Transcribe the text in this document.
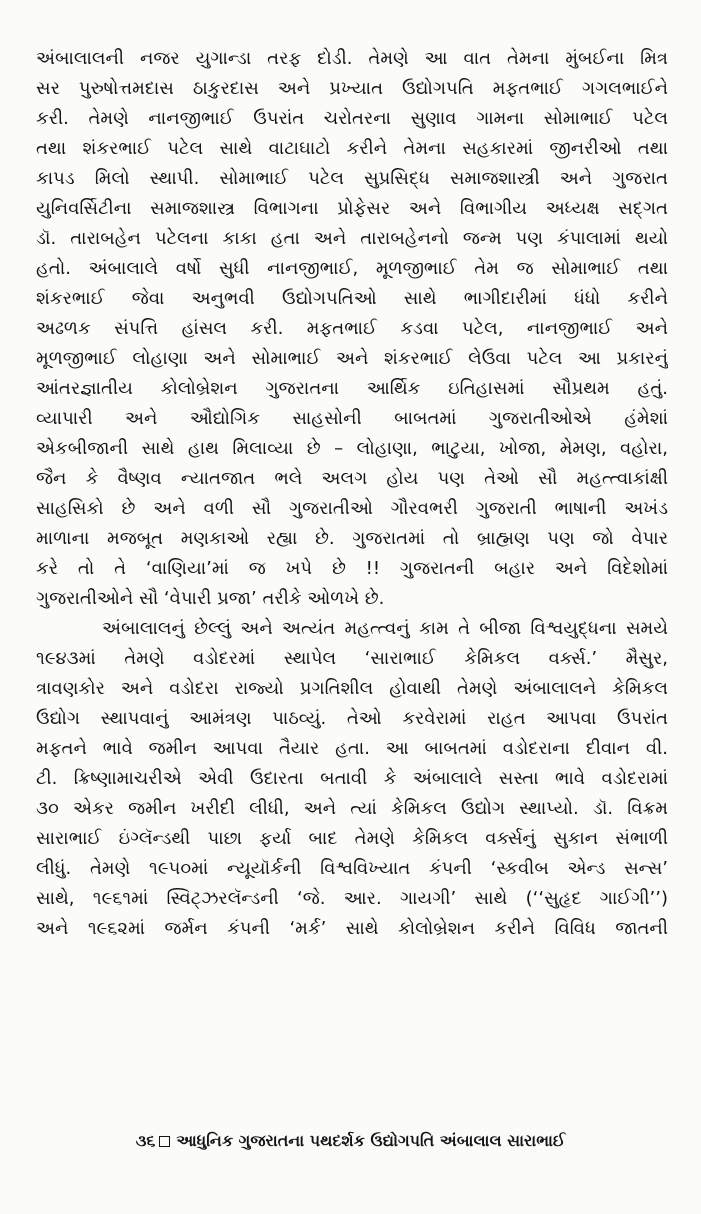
અંબાલાલની નજર યુગાન્ડા તરફ દોડી. તેમણે આ વાત તેમના મુંબઈના મિત્ર
સર પુરુષોત્તમદાસ ઠાકુરદાસ અને પ્રખ્યાત ઉદ્યોગપતિ મફતભાઈ ગગલભાઈને
કરી. તેમણે નાનજીભાઈ ઉપરાંત ચરોતરના સુણાવ ગામના સોમાભાઈ પટેલ
તથા શંકરભાઈ પટેલ સાથે વાટાઘાટો કરીને તેમના સહકારમાં જીનરીઓ તથા
કાપડ મિલો સ્થાપી. સોમાભાઈ પટેલ સુપ્રસિદ્ધ સમાજશાસ્ત્રી અને ગુજરાત
યુનિવર્સિટીના સમાજશાસ્ત્ર વિભાગના પ્રોફેસર અને વિભાગીય અધ્યક્ષ સદ્‌ગત
ડૉ. તારાબહેન પટેલના કાકા હતા અને તારાબહેનનો જન્મ પણ કંપાલામાં થયો
હતો. અંબાલાલે વર્ષો સુધી નાનજીભાઈ, મૂળજીભાઈ તેમ જ સોમાભાઈ તથા
શંકરભાઈ જેવા અનુભવી ઉદ્યોગપતિઓ સાથે ભાગીદારીમાં ધંધો કરીને
અઢળક સંપત્તિ હાંસલ કરી. મફતભાઈ કડવા પટેલ, નાનજીભાઈ અને
મૂળજીભાઈ લોહાણા અને સોમાભાઈ અને શંકરભાઈ લેઉવા પટેલ આ પ્રકારનું
આંતરજ્ઞાતીય કોલોબ્રેશન ગુજરાતના આર્થિક ઇતિહાસમાં સૌપ્રથમ હતું.
વ્યાપારી અને ઔદ્યોગિક સાહસોની બાબતમાં ગુજરાતીઓએ હંમેશાં
એકબીજાની સાથે હાથ મિલાવ્યા છે – લોહાણા, ભાટુયા, ખોજા, મેમણ, વહોરા,
જૈન કે વૈષ્ણવ ન્યાતજાત ભલે અલગ હોય પણ તેઓ સૌ મહત્ત્વાકાંક્ષી
સાહસિકો છે અને વળી સૌ ગુજરાતીઓ ગૌરવભરી ગુજરાતી ભાષાની અખંડ
માળાના મજબૂત મણકાઓ રહ્યા છે. ગુજરાતમાં તો બ્રાહ્મણ પણ જો વેપાર
કરે તો તે ‘વાણિયા’માં જ ખપે છે !! ગુજરાતની બહાર અને વિદેશોમાં
ગુજરાતીઓને સૌ ‘વેપારી પ્રજા’ તરીકે ઓળખે છે.
અંબાલાલનું છેલ્લું અને અત્યંત મહત્ત્વનું કામ તે બીજા વિશ્વયુદ્ધના સમયે
૧૯૪૩માં તેમણે વડોદરમાં સ્થાપેલ ‘સારાભાઈ કેમિકલ વર્ક્સ.’ મૈસુર,
ત્રાવણકોર અને વડોદરા રાજ્યો પ્રગતિશીલ હોવાથી તેમણે અંબાલાલને કેમિકલ
ઉદ્યોગ સ્થાપવાનું આમંત્રણ પાઠવ્યું. તેઓ કરવેરામાં રાહત આપવા ઉપરાંત
મફતને ભાવે જમીન આપવા તૈયાર હતા. આ બાબતમાં વડોદરાના દીવાન વી.
ટી. ક્રિષ્ણામાચરીએ એવી ઉદારતા બતાવી કે અંબાલાલે સસ્તા ભાવે વડોદરામાં
૩૦ એકર જમીન ખરીદી લીધી, અને ત્યાં કેમિકલ ઉદ્યોગ સ્થાપ્યો. ડૉ. વિક્રમ
સારાભાઈ ઇંગ્લૅન્ડથી પાછા ફર્યા બાદ તેમણે કેમિકલ વર્ક્સનું સુકાન સંભાળી
લીધું. તેમણે ૧૯૫૦માં ન્યૂયૉર્કની વિશ્વવિખ્યાત કંપની ‘સ્કવીબ એન્ડ સન્સ’
સાથે, ૧૯૬૧માં સ્વિટ્ઝરલૅન્ડની ‘જે. આર. ગાયગી’ સાથે (‘‘સુહૃદ ગાઈગી’’)
અને ૧૯૬૨માં જર્મન કંપની ‘મર્ક’ સાથે કોલોબ્રેશન કરીને વિવિધ જાતની
૩૬ આધુનિક ગુજરાતના પથદર્શક ઉદ્યોગપતિ અંબાલાલ સારાભાઈ
